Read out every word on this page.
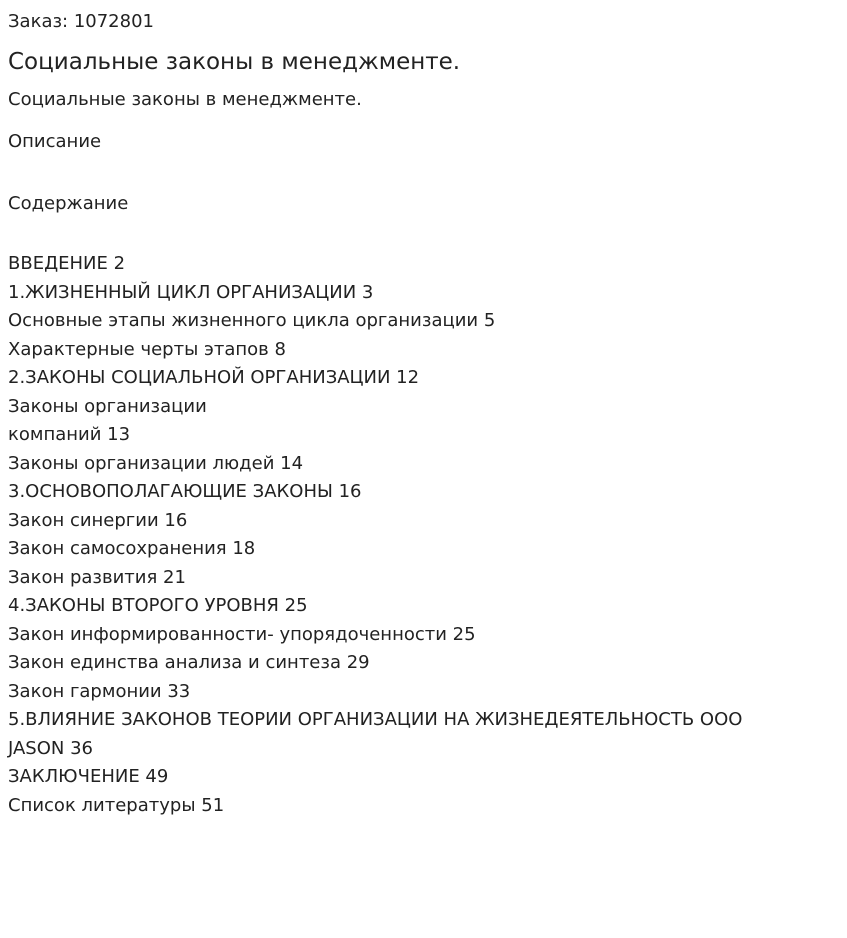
Заказ: 1072801
Социальные законы в менеджменте.
Социальные законы в менеджменте.
Описание
Содержание
ВВЕДЕНИЕ 2
1.ЖИЗНЕННЫЙ ЦИКЛ ОРГАНИЗАЦИИ 3
Основные этапы жизненного цикла организации 5
Характерные черты этапов 8
2.ЗАКОНЫ СОЦИАЛЬНОЙ ОРГАНИЗАЦИИ 12
Законы организации
компаний 13
Законы организации людей 14
3.ОСНОВОПОЛАГАЮЩИЕ ЗАКОНЫ 16
Закон синергии 16
Закон самосохранения 18
Закон развития 21
4.ЗАКОНЫ ВТОРОГО УРОВНЯ 25
Закон информированности- упорядоченности 25
Закон единства анализа и синтеза 29
Закон гармонии 33
5.ВЛИЯНИЕ ЗАКОНОВ ТЕОРИИ ОРГАНИЗАЦИИ НА ЖИЗНЕДЕЯТЕЛЬНОСТЬ ООО
JASON 36
ЗАКЛЮЧЕНИЕ 49
Список литературы 51
